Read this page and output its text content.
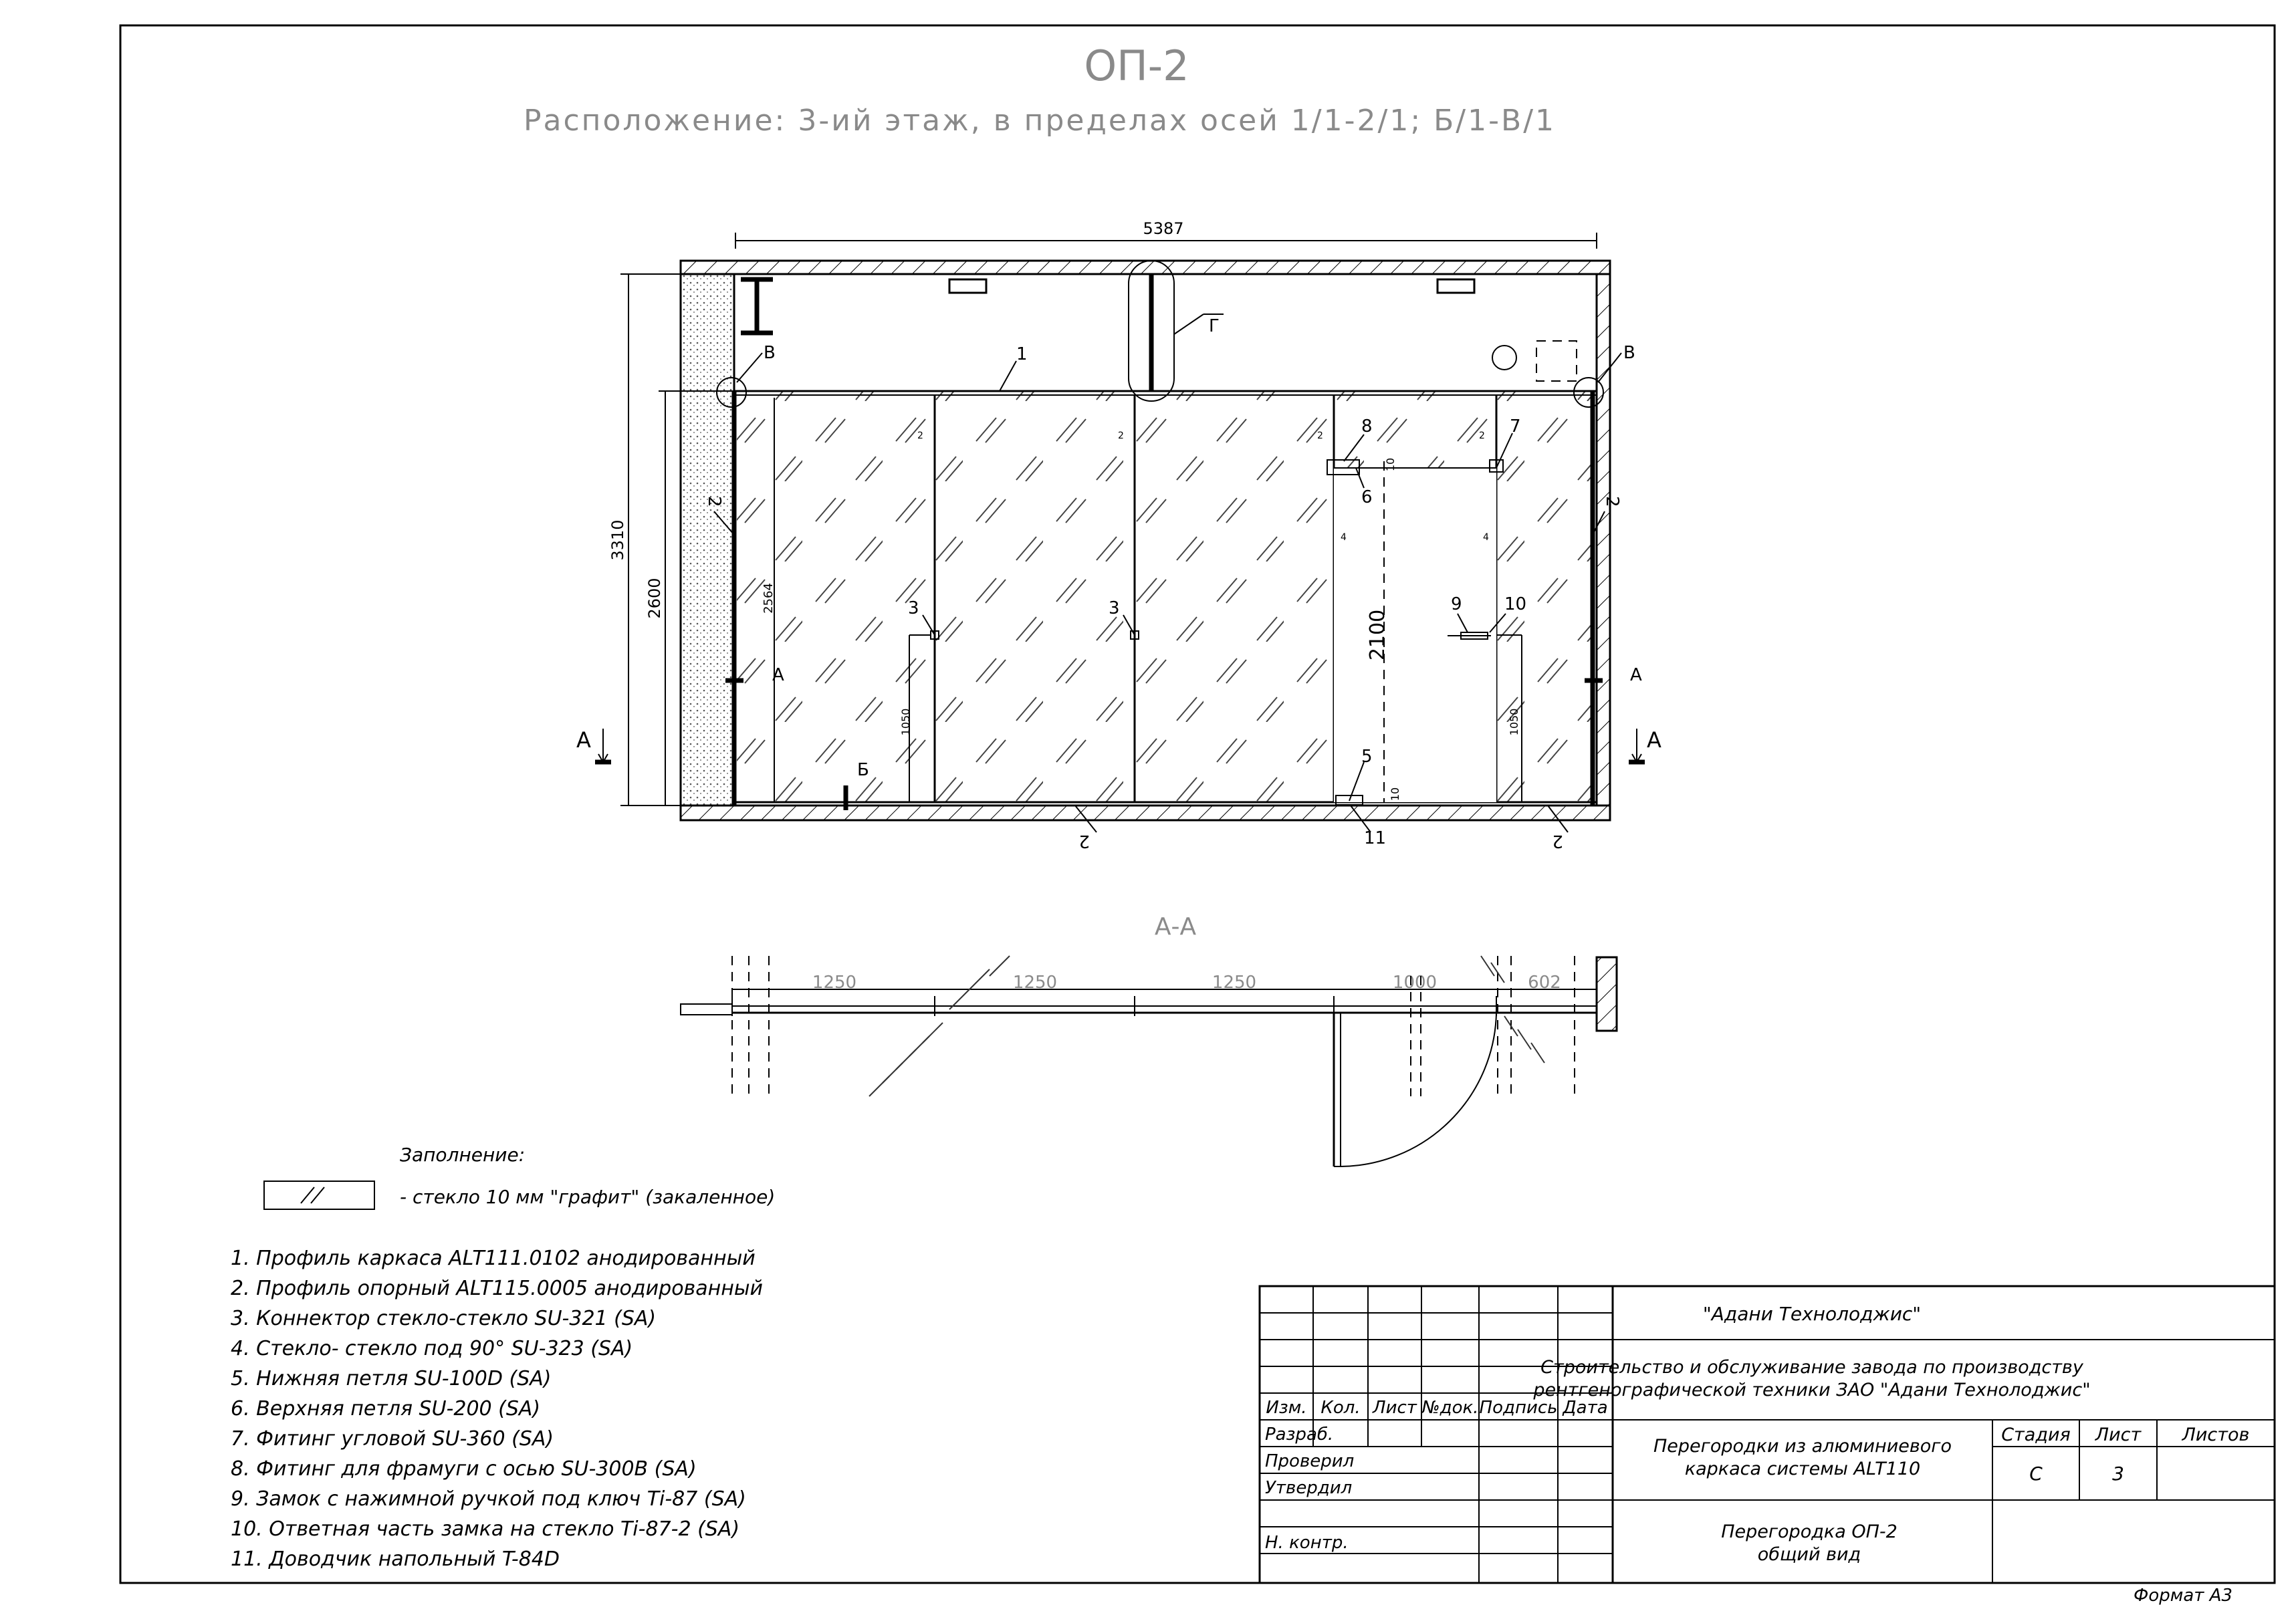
ОП-2
Расположение: 3-ий этаж, в пределах осей 1/1-2/1; Б/1-В/1
5387
3310
2600	2564
2100
1050	1050
10
10
1
2	2
2	2
3	3
4	4
5
6
7
8
9 10
11
В	В
Г
Б
А	А
А	А
2	2	2	2
А-А
1250	1250	1250	1000	602
Заполнение:
- стекло 10 мм "графит" (закаленное)
1. Профиль каркаса ALT111.0102 анодированный
2. Профиль опорный ALT115.0005 анодированный
3. Коннектор стекло-стекло SU-321 (SA)
4. Стекло- стекло под 90° SU-323 (SA)
5. Нижняя петля SU-100D (SA)
6. Верхняя петля SU-200 (SA)
7. Фитинг угловой SU-360 (SA)
8. Фитинг для фрамуги с осью SU-300B (SA)
9. Замок с нажимной ручкой под ключ Ti-87 (SA)
10. Ответная часть замка на стекло Ti-87-2 (SA)
11. Доводчик напольный T-84D
Изм. Кол. Лист №док. Подпись Дата
Разраб.
Проверил
Утвердил
Н. контр.
"Адани Технолоджис"
Строительство и обслуживание завода по производству
рентгенографической техники ЗАО "Адани Технолоджис"
Перегородки из алюминиевого
каркаса системы ALT110
Перегородка ОП-2
общий вид
Стадия Лист Листов
С	3
Формат А3
